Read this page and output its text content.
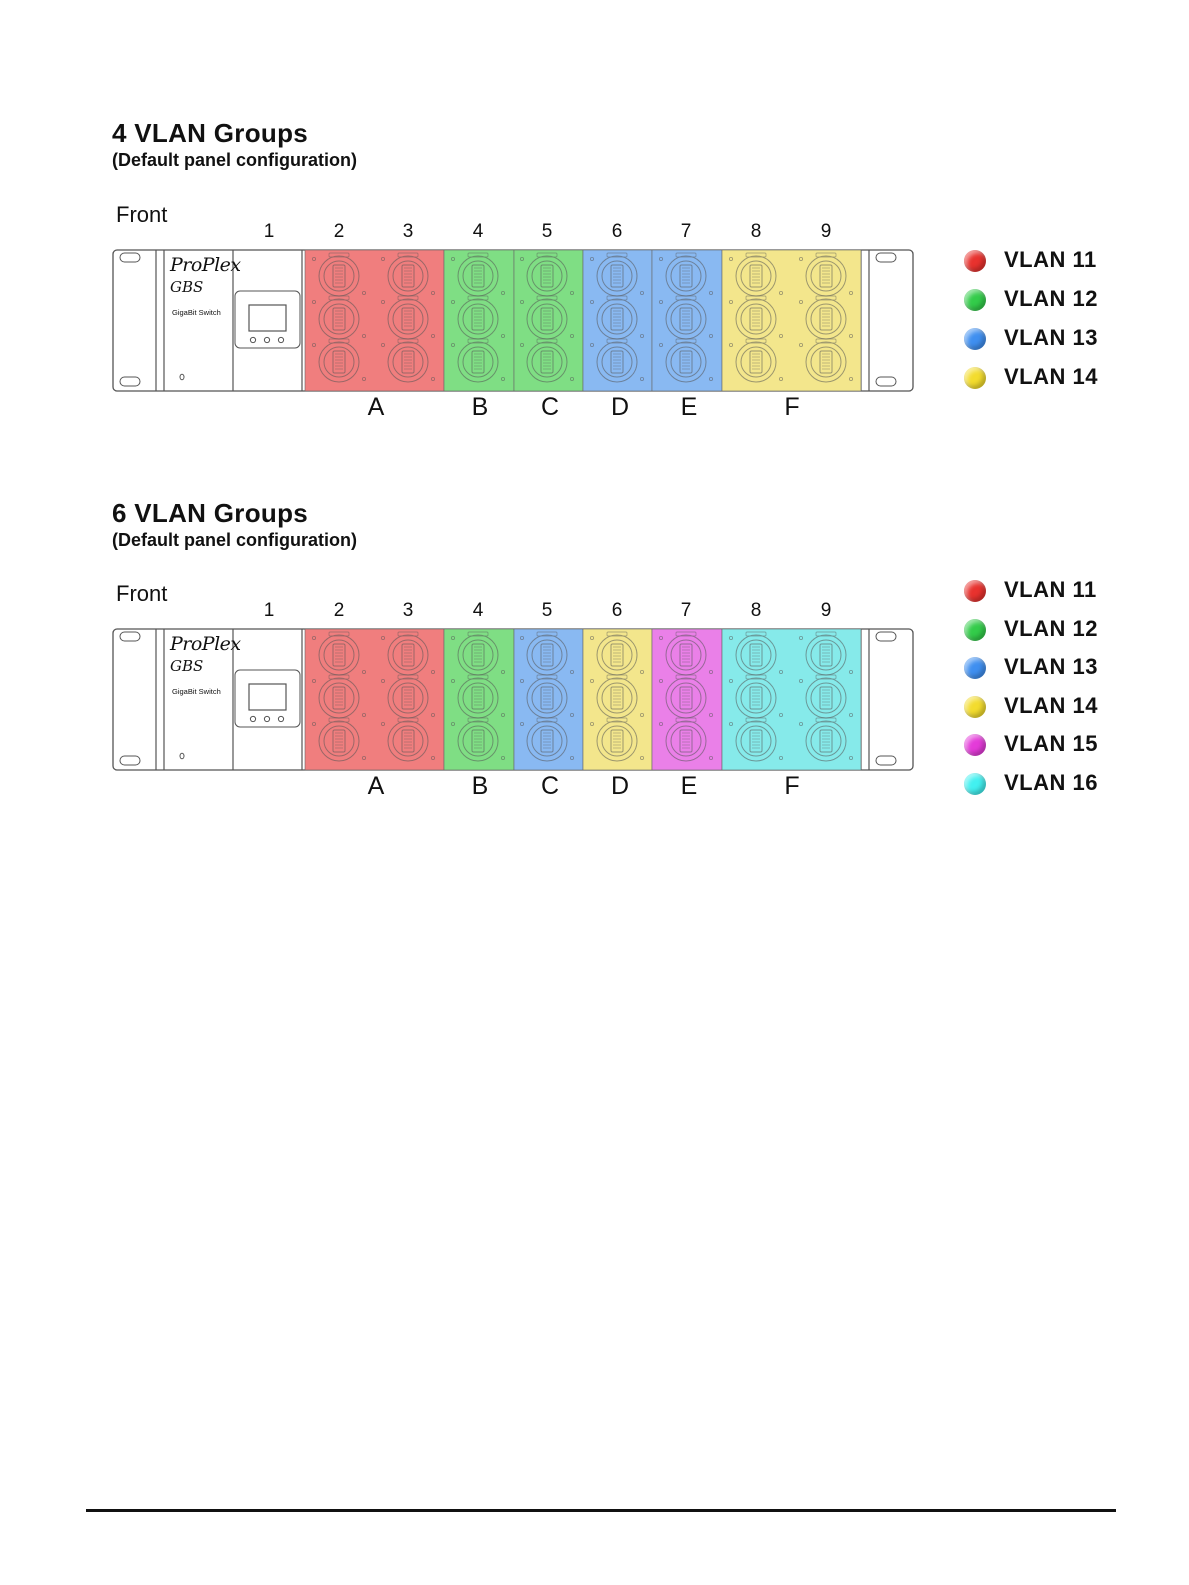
4 VLAN Groups
(Default panel configuration)
Front
1	2	3	4	5	6	7	8	9
ProPlex
GBS
GigaBit Switch
A	B	C	D	E	F
VLAN 11
VLAN 12
VLAN 13
VLAN 14
6 VLAN Groups
(Default panel configuration)
Front
1	2	3	4	5	6	7	8	9
ProPlex
GBS
GigaBit Switch
A	B	C	D	E	F
VLAN 11
VLAN 12
VLAN 13
VLAN 14
VLAN 15
VLAN 16
